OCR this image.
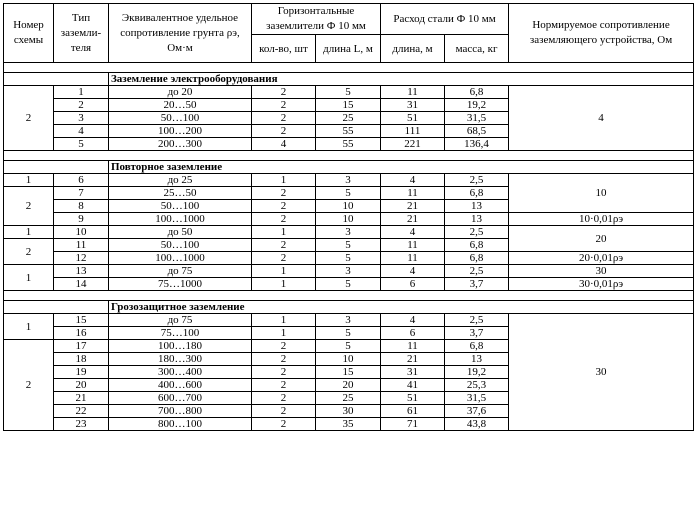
Номер схемы	Тип заземли-теля	Эквивалентное удельное сопротивление грунта ρэ, Ом·м	Горизонтальные заземлители Ф 10 мм		Расход стали Ф 10 мм		Нормируемое сопротивление заземляющего устройства, Ом
			кол-во, шт	длина L, м	длина, м	масса, кг	

		Заземление электрооборудования					
2	1	до 20	2	5	11	6,8	4
	2	20…50	2	15	31	19,2	
	3	50…100	2	25	51	31,5	
	4	100…200	2	55	111	68,5	
	5	200…300	4	55	221	136,4	

		Повторное заземление					
1	6	до 25	1	3	4	2,5	10
2	7	25…50	2	5	11	6,8	
	8	50…100	2	10	21	13	
	9	100…1000	2	10	21	13	10·0,01ρэ
1	10	до 50	1	3	4	2,5	20
2	11	50…100	2	5	11	6,8	
	12	100…1000	2	5	11	6,8	20·0,01ρэ
1	13	до 75	1	3	4	2,5	30
	14	75…1000	1	5	6	3,7	30·0,01ρэ

		Грозозащитное заземление					
1	15	до 75	1	3	4	2,5	30
	16	75…100	1	5	6	3,7	
2	17	100…180	2	5	11	6,8	
	18	180…300	2	10	21	13	
	19	300…400	2	15	31	19,2	
	20	400…600	2	20	41	25,3	
	21	600…700	2	25	51	31,5	
	22	700…800	2	30	61	37,6	
	23	800…100	2	35	71	43,8	
